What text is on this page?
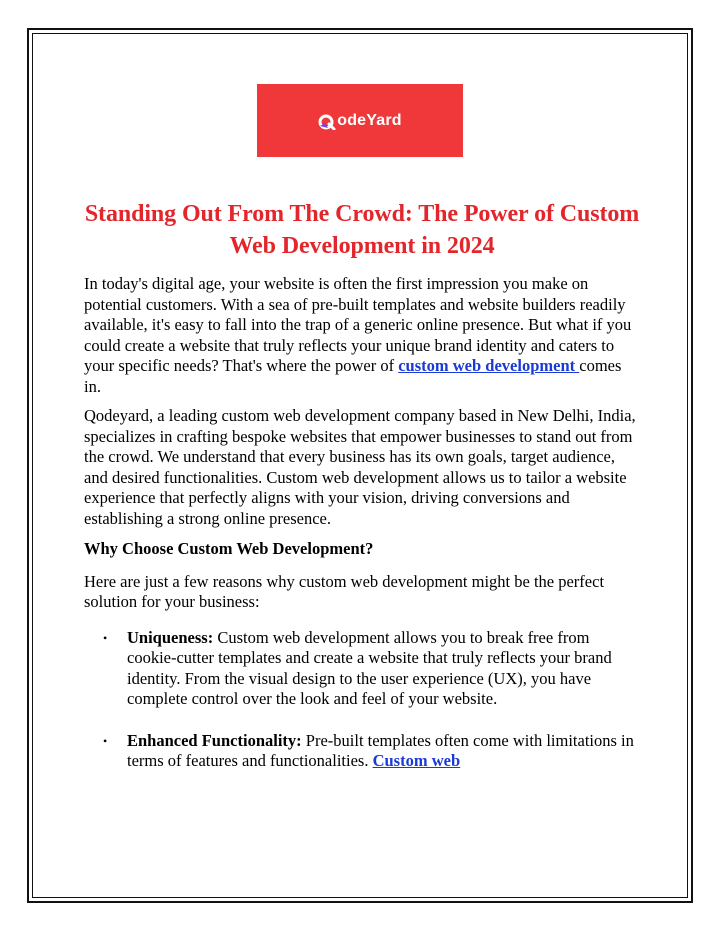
odeYard
Standing Out From The Crowd: The Power of Custom Web Development in 2024

In today's digital age, your website is often the first impression you make on potential customers. With a sea of pre-built templates and website builders readily available, it's easy to fall into the trap of a generic online presence. But what if you could create a website that truly reflects your unique brand identity and caters to your specific needs? That's where the power of custom web development comes in.

Qodeyard, a leading custom web development company based in New Delhi, India, specializes in crafting bespoke websites that empower businesses to stand out from the crowd. We understand that every business has its own goals, target audience, and desired functionalities. Custom web development allows us to tailor a website experience that perfectly aligns with your vision, driving conversions and establishing a strong online presence.

Why Choose Custom Web Development?

Here are just a few reasons why custom web development might be the perfect solution for your business:

• Uniqueness: Custom web development allows you to break free from cookie-cutter templates and create a website that truly reflects your brand identity. From the visual design to the user experience (UX), you have complete control over the look and feel of your website.
• Enhanced Functionality: Pre-built templates often come with limitations in terms of features and functionalities. Custom web
